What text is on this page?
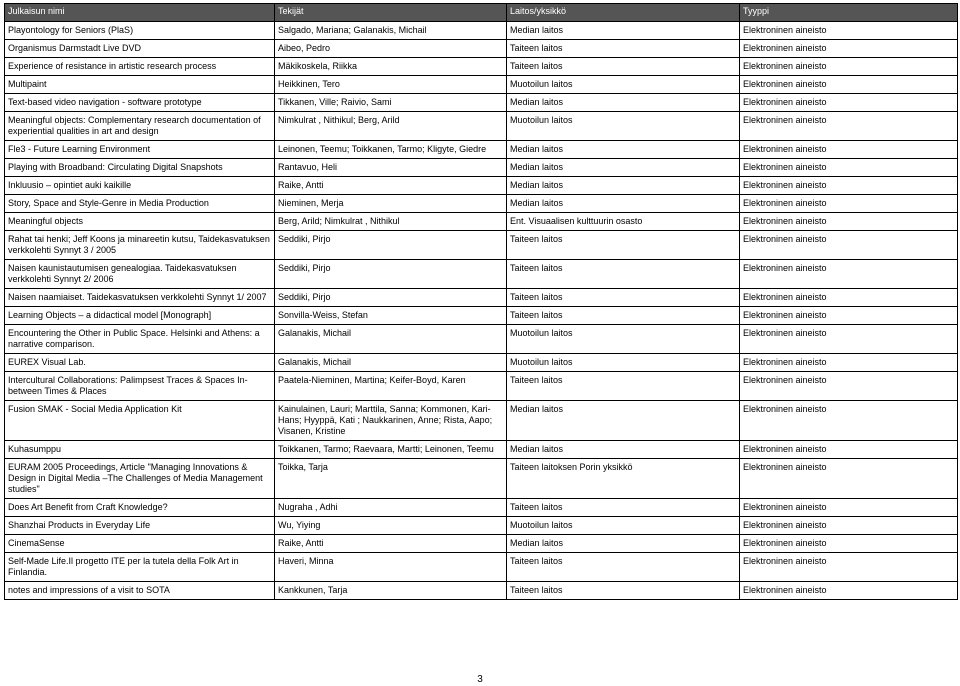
Julkaisun nimi	Tekijät	Laitos/yksikkö	Tyyppi
Playontology for Seniors (PlaS)	Salgado, Mariana; Galanakis, Michail	Median laitos	Elektroninen aineisto
Organismus Darmstadt Live DVD	Aibeo, Pedro	Taiteen laitos	Elektroninen aineisto
Experience of resistance in artistic research process	Mäkikoskela, Riikka	Taiteen laitos	Elektroninen aineisto
Multipaint	Heikkinen, Tero	Muotoilun laitos	Elektroninen aineisto
Text-based video navigation - software prototype	Tikkanen, Ville; Raivio, Sami	Median laitos	Elektroninen aineisto
Meaningful objects: Complementary research documentation of experiential qualities in art and design	Nimkulrat , Nithikul; Berg, Arild	Muotoilun laitos	Elektroninen aineisto
Fle3 - Future Learning Environment	Leinonen, Teemu; Toikkanen, Tarmo; Kligyte, Giedre	Median laitos	Elektroninen aineisto
Playing with Broadband: Circulating Digital Snapshots	Rantavuo, Heli	Median laitos	Elektroninen aineisto
Inkluusio – opintiet auki kaikille	Raike, Antti	Median laitos	Elektroninen aineisto
Story, Space and Style-Genre in Media Production	Nieminen, Merja	Median laitos	Elektroninen aineisto
Meaningful objects	Berg, Arild; Nimkulrat , Nithikul	Ent. Visuaalisen kulttuurin osasto	Elektroninen aineisto
Rahat tai henki; Jeff Koons ja minareetin kutsu, Taidekasvatuksen verkkolehti Synnyt 3 / 2005	Seddiki, Pirjo	Taiteen laitos	Elektroninen aineisto
Naisen kaunistautumisen genealogiaa. Taidekasvatuksen verkkolehti Synnyt 2/ 2006	Seddiki, Pirjo	Taiteen laitos	Elektroninen aineisto
Naisen naamiaiset. Taidekasvatuksen verkkolehti Synnyt 1/ 2007	Seddiki, Pirjo	Taiteen laitos	Elektroninen aineisto
Learning Objects – a didactical model [Monograph]	Sonvilla-Weiss, Stefan	Taiteen laitos	Elektroninen aineisto
Encountering the Other in Public Space. Helsinki and Athens: a narrative comparison.	Galanakis, Michail	Muotoilun laitos	Elektroninen aineisto
EUREX Visual Lab.	Galanakis, Michail	Muotoilun laitos	Elektroninen aineisto
Intercultural Collaborations: Palimpsest Traces & Spaces In-between Times & Places	Paatela-Nieminen, Martina; Keifer-Boyd, Karen	Taiteen laitos	Elektroninen aineisto
Fusion SMAK - Social Media Application Kit	Kainulainen, Lauri; Marttila, Sanna; Kommonen, Kari-Hans; Hyyppä, Kati ; Naukkarinen, Anne; Rista, Aapo; Visanen, Kristine	Median laitos	Elektroninen aineisto
Kuhasumppu	Toikkanen, Tarmo; Raevaara, Martti; Leinonen, Teemu	Median laitos	Elektroninen aineisto
EURAM 2005 Proceedings, Article "Managing Innovations & Design in Digital Media –The Challenges of Media Management studies"	Toikka, Tarja	Taiteen laitoksen Porin yksikkö	Elektroninen aineisto
Does Art Benefit from Craft Knowledge?	Nugraha , Adhi	Taiteen laitos	Elektroninen aineisto
Shanzhai Products in Everyday Life	Wu, Yiying	Muotoilun laitos	Elektroninen aineisto
CinemaSense	Raike, Antti	Median laitos	Elektroninen aineisto
Self-Made Life.Il progetto ITE per la tutela della Folk Art in Finlandia.	Haveri, Minna	Taiteen laitos	Elektroninen aineisto
notes and impressions of a visit to SOTA	Kankkunen, Tarja	Taiteen laitos	Elektroninen aineisto
3
